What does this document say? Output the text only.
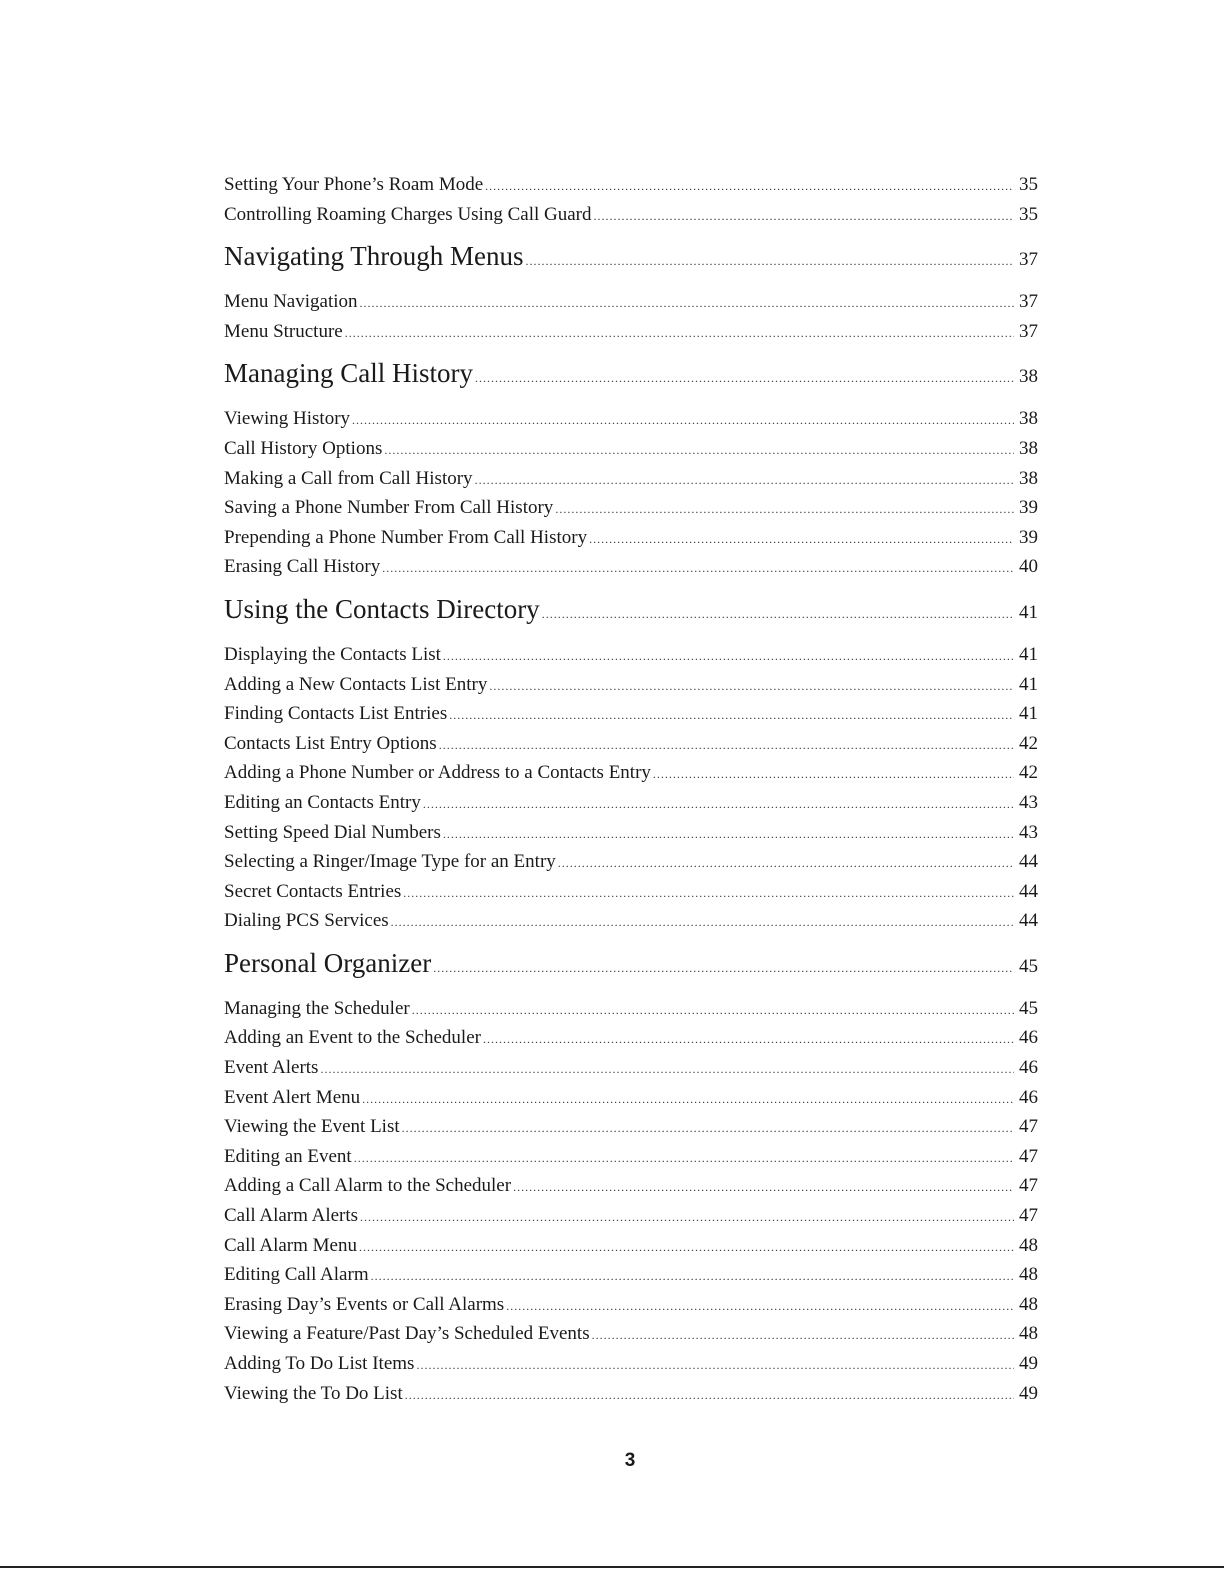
Setting Your Phone’s Roam Mode .....	35
Controlling Roaming Charges Using Call Guard .....	35
Navigating Through Menus .....	37
Menu Navigation .....	37
Menu Structure .....	37
Managing Call History .....	38
Viewing History .....	38
Call History Options .....	38
Making a Call from Call History .....	38
Saving a Phone Number From Call History .....	39
Prepending a Phone Number From Call History .....	39
Erasing Call History .....	40
Using the Contacts Directory .....	41
Displaying the Contacts List .....	41
Adding a New Contacts List Entry .....	41
Finding Contacts List Entries .....	41
Contacts List Entry Options .....	42
Adding a Phone Number or Address to a Contacts Entry .....	42
Editing an Contacts Entry .....	43
Setting Speed Dial Numbers .....	43
Selecting a Ringer/Image Type for an Entry .....	44
Secret Contacts Entries .....	44
Dialing PCS Services .....	44
Personal Organizer .....	45
Managing the Scheduler .....	45
Adding an Event to the Scheduler .....	46
Event Alerts .....	46
Event Alert Menu .....	46
Viewing the Event List .....	47
Editing an Event .....	47
Adding a Call Alarm to the Scheduler .....	47
Call Alarm Alerts .....	47
Call Alarm Menu .....	48
Editing Call Alarm .....	48
Erasing Day’s Events or Call Alarms .....	48
Viewing a Feature/Past Day’s Scheduled Events .....	48
Adding To Do List Items .....	49
Viewing the To Do List .....	49
3
